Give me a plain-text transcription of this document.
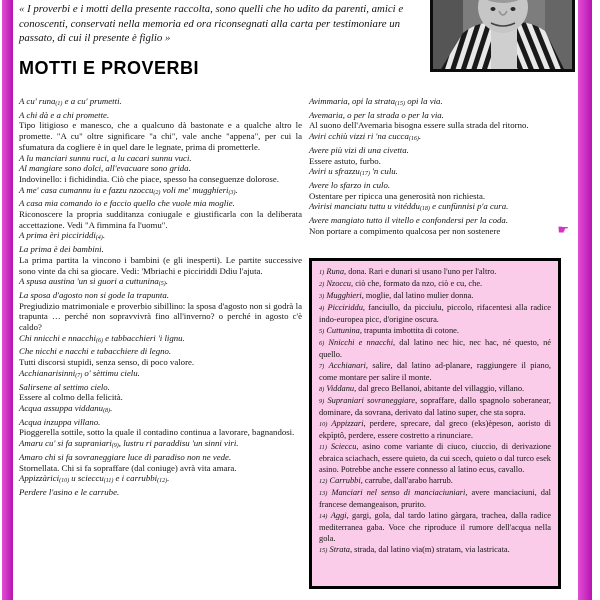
« I proverbi e i motti della presente raccolta, sono quelli che ho udito da parenti, amici e conoscenti, conservati nella memoria ed ora riconsegnati alla carta per testimoniare un passato, di cui il presente è figlio »

MOTTI E PROVERBI

A cu' runa(1) e a cu' prumetti.

A chi dà e a chi promette.

Tipo litigioso e manesco, che a qualcuno dà bastonate e a qualche altro le promette. "A cu" oltre significare "a chi", vale anche "appena", per cui la sfumatura da cogliere è in quel dare le legnate, prima di prometterle.

A lu manciari sunnu ruci, a lu cacari sunnu vuci.

Al mangiare sono dolci, all'evacuare sono grida.

Indovinello: i fichidindia. Ciò che piace, spesso ha conseguenze dolorose.

A me' casa cumannu iu e fazzu nzoccu(2) voli me' mugghieri(3).

A casa mia comando io e faccio quello che vuole mia moglie.

Riconoscere la propria sudditanza coniugale e giustificarla con la deliberata accettazione. Vedi "A fimmina fa l'uomu".

A prima èri picciriddi(4).

La prima è dei bambini.

La prima partita la vincono i bambini (e gli inesperti). Le partite successive sono vinte da chi sa giocare. Vedi: 'Mbriachi e picciriddi Ddiu l'ajuta.

A spusa austina 'un si guori a cuttunina(5).

La sposa d'agosto non si gode la trapunta.

Pregiudizio matrimoniale e proverbio sibillino: la sposa d'agosto non si godrà la trapunta … perché non sopravvivrà fino all'inverno? o perché in agosto c'è caldo?

Chi nnicchi e nnacchi(6) e tabbacchieri 'i lignu.

Che nicchi e nacchi e tabacchiere di legno.

Tutti discorsi stupidi, senza senso, di poco valore.

Acchianarisinni(7) o' sèttimu cielu.

Salirsene al settimo cielo.

Essere al colmo della felicità.

Acqua assuppa viddanu(8).

Acqua inzuppa villano.

Pioggerella sottile, sotto la quale il contadino continua a lavorare, bagnandosi.

Amaru cu' si fa supraniari(9), lustru ri paraddisu 'un sinni viri.

Amaro chi si fa sovraneggiare luce di paradiso non ne vede.

Stornellata. Chi si fa sopraffare (dal coniuge) avrà vita amara.

Appizzàrici(10) u scieccu(11) e i carrubbi(12).

Perdere l'asino e le carrube.

Avimmaria, opi la strata(15) opi la via.

Avemaria, o per la strada o per la via.

Al suono dell'Avemaria bisogna essere sulla strada del ritorno.

Aviri cchiù vizzi ri 'na cucca(16).

Avere più vizi di una civetta.

Essere astuto, furbo.

Aviri u sfrazzu(17) 'n culu.

Avere lo sfarzo in culo.

Ostentare per ripicca una generosità non richiesta.

Avìrisi manciatu tuttu u vitéddu(18) e cunfùnnisi p'a cura.

Avere mangiato tutto il vitello e confondersi per la coda.

☛
Non portare a compimento qualcosa per non sostenere

1) Runa, dona. Rari e dunari si usano l'uno per l'altro.

2) Nzoccu, ciò che, formato da nzo, ciò e cu, che.

3) Mugghieri, moglie, dal latino mulier donna.

4) Picciriddu, fanciullo, da picciulu, piccolo, rifacentesi alla radice indo-europea picc, d'origine oscura.

5) Cuttunina, trapunta imbottita di cotone.

6) Nnicchi e nnacchi, dal latino nec hic, nec hac, né questo, né quello.

7) Acchianari, salire, dal latino ad-planare, raggiungere il piano, come montare per salire il monte.

8) Viddanu, dal greco Bellanoi, abitante del villaggio, villano.

9) Supraniari sovraneggiare, sopraffare, dallo spagnolo soberanear, dominare, da sovrana, derivato dal latino super, che sta sopra.

10) Appizzari, perdere, sprecare, dal greco (eks)èpeson, aoristo di ekpìptô, perdere, essere costretto a rinunciare.

11) Scieccu, asino come variante di ciuco, ciuccio, di derivazione ebraica sciachach, essere quieto, da cui scech, quieto o dal turco esek asino. Potrebbe anche essere connesso al latino ecus, cavallo.

12) Carrubbi, carrube, dall'arabo harrub.

13) Manciari nel senso di manciaciuniari, avere manciaciuni, dal francese demangeaison, prurito.

14) Aggi, gargi, gola, dal tardo latino gàrgara, trachea, dalla radice mediterranea gaba. Voce che riproduce il rumore dell'acqua nella gola.

15) Strata, strada, dal latino via(m) stratam, via lastricata.
